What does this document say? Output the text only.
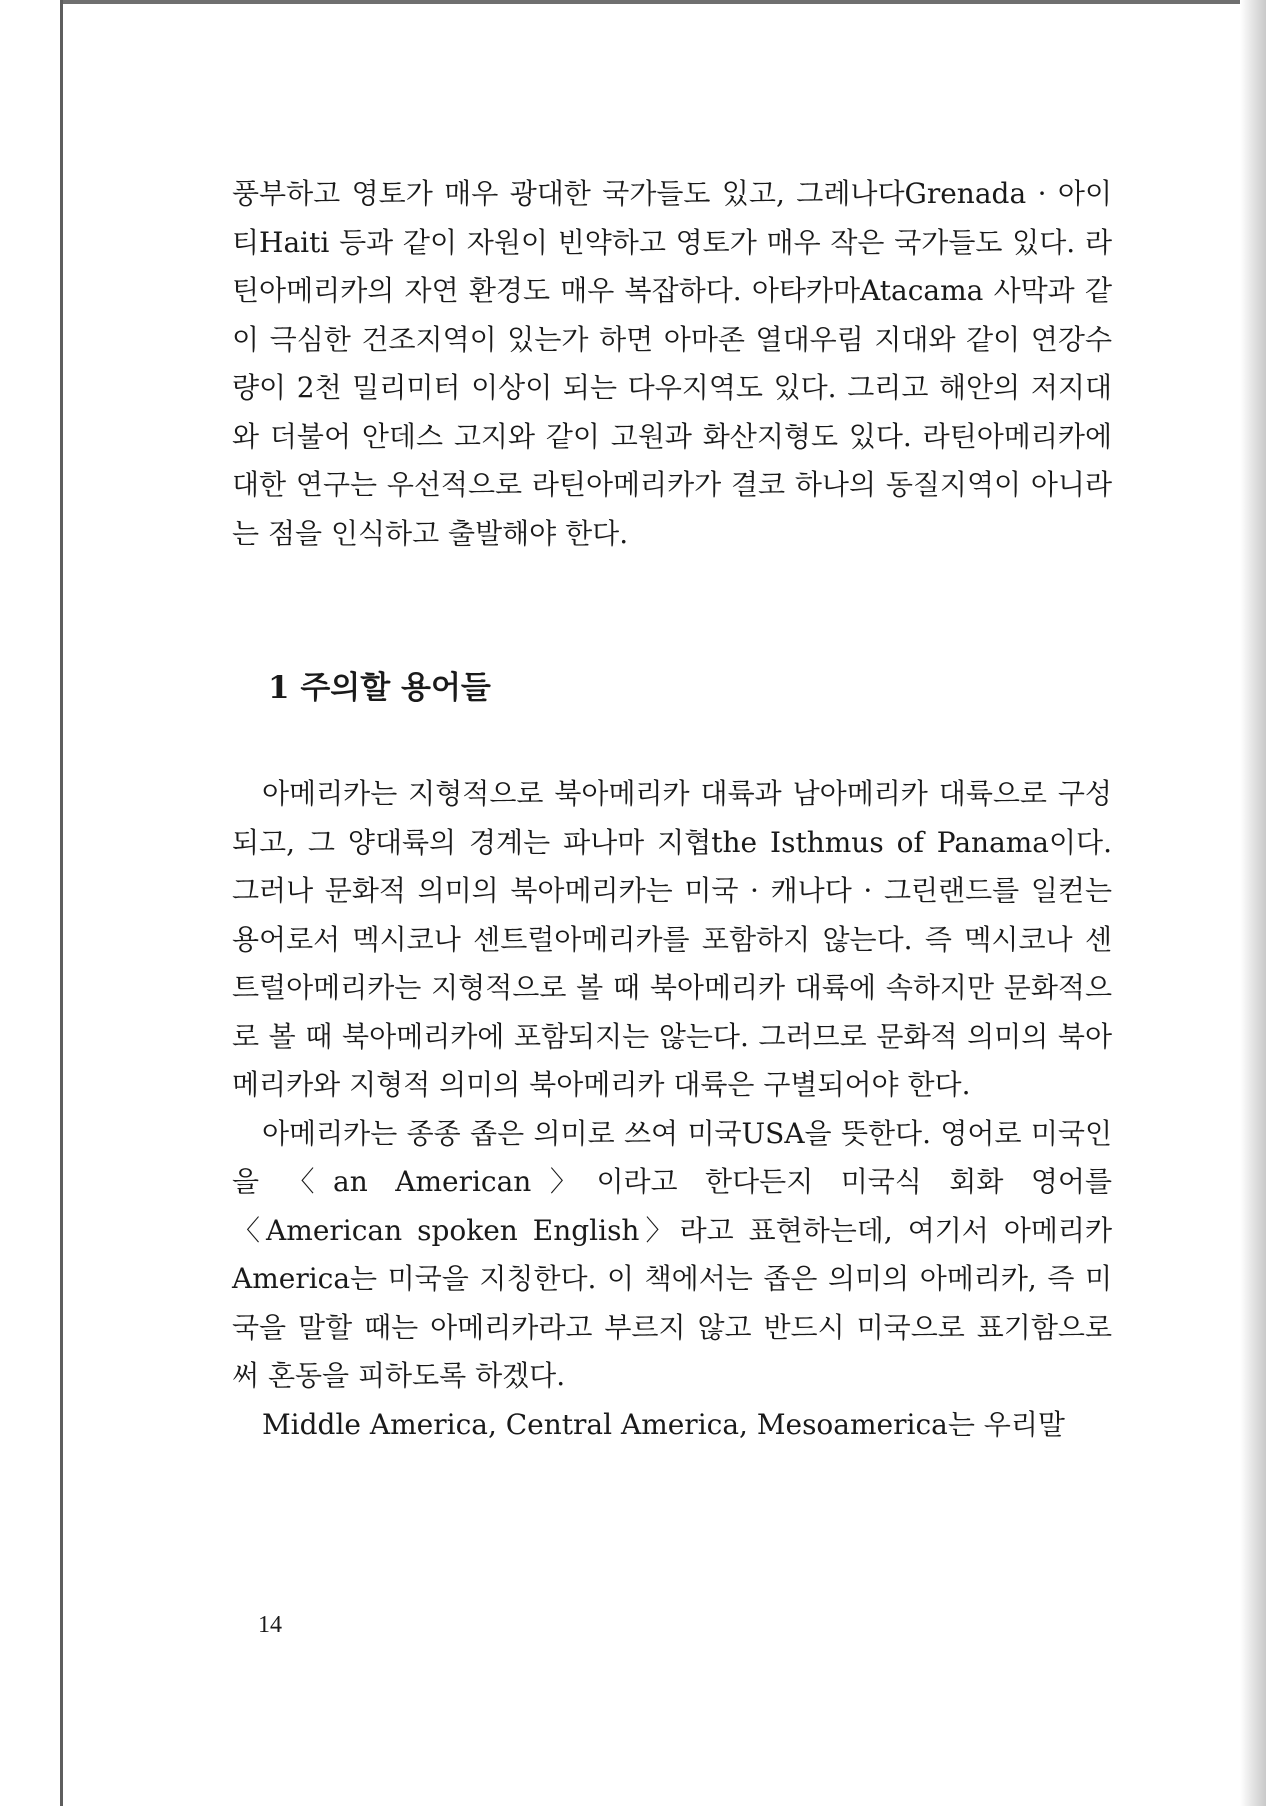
풍부하고 영토가 매우 광대한 국가들도 있고, 그레나다Grenada · 아이티Haiti 등과 같이 자원이 빈약하고 영토가 매우 작은 국가들도 있다. 라틴아메리카의 자연 환경도 매우 복잡하다. 아타카마Atacama 사막과 같이 극심한 건조지역이 있는가 하면 아마존 열대우림 지대와 같이 연강수량이 2천 밀리미터 이상이 되는 다우지역도 있다. 그리고 해안의 저지대와 더불어 안데스 고지와 같이 고원과 화산지형도 있다. 라틴아메리카에 대한 연구는 우선적으로 라틴아메리카가 결코 하나의 동질지역이 아니라는 점을 인식하고 출발해야 한다.

1 주의할 용어들

아메리카는 지형적으로 북아메리카 대륙과 남아메리카 대륙으로 구성되고, 그 양대륙의 경계는 파나마 지협the Isthmus of Panama이다. 그러나 문화적 의미의 북아메리카는 미국 · 캐나다 · 그린랜드를 일컫는 용어로서 멕시코나 센트럴아메리카를 포함하지 않는다. 즉 멕시코나 센트럴아메리카는 지형적으로 볼 때 북아메리카 대륙에 속하지만 문화적으로 볼 때 북아메리카에 포함되지는 않는다. 그러므로 문화적 의미의 북아메리카와 지형적 의미의 북아메리카 대륙은 구별되어야 한다.

아메리카는 종종 좁은 의미로 쓰여 미국USA을 뜻한다. 영어로 미국인을 〈an American〉이라고 한다든지 미국식 회화 영어를 〈American spoken English〉라고 표현하는데, 여기서 아메리카America는 미국을 지칭한다. 이 책에서는 좁은 의미의 아메리카, 즉 미국을 말할 때는 아메리카라고 부르지 않고 반드시 미국으로 표기함으로써 혼동을 피하도록 하겠다.

Middle America, Central America, Mesoamerica는 우리말

14
